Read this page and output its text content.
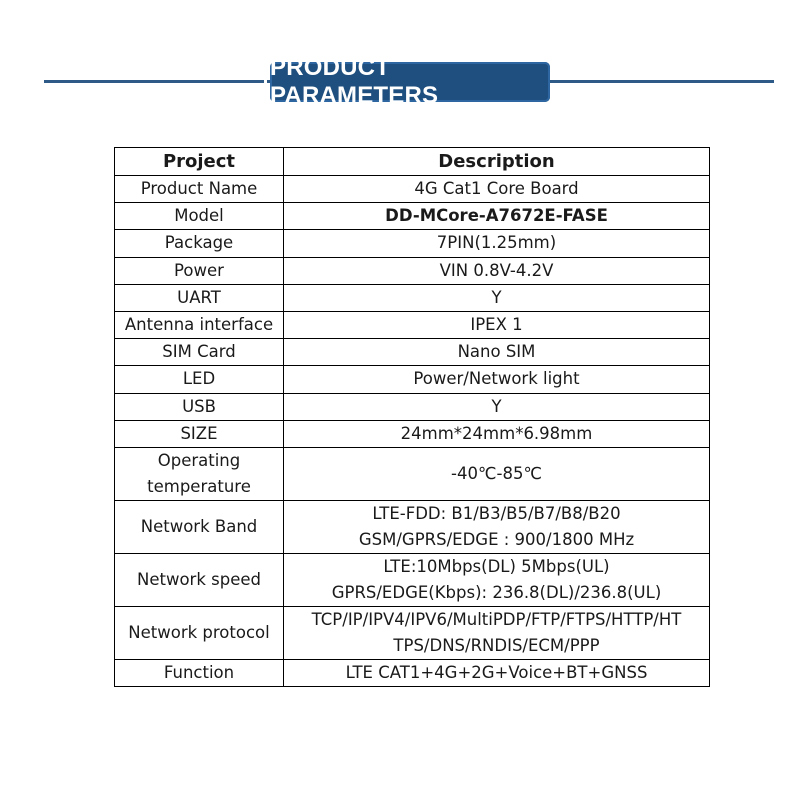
PRODUCT PARAMETERS
Project	Description

Product Name	4G Cat1 Core Board

Model	DD-MCore-A7672E-FASE

Package	7PIN(1.25mm)

Power	VIN 0.8V-4.2V

UART	Y

Antenna interface	IPEX 1

SIM Card	Nano SIM

LED	Power/Network light

USB	Y

SIZE	24mm*24mm*6.98mm

Operating
temperature	-40℃-85℃

Network Band	LTE-FDD: B1/B3/B5/B7/B8/B20
GSM/GPRS/EDGE : 900/1800 MHz

Network speed	LTE:10Mbps(DL) 5Mbps(UL)
GPRS/EDGE(Kbps): 236.8(DL)/236.8(UL)

Network protocol	TCP/IP/IPV4/IPV6/MultiPDP/FTP/FTPS/HTTP/HT
TPS/DNS/RNDIS/ECM/PPP

Function	LTE CAT1+4G+2G+Voice+BT+GNSS
